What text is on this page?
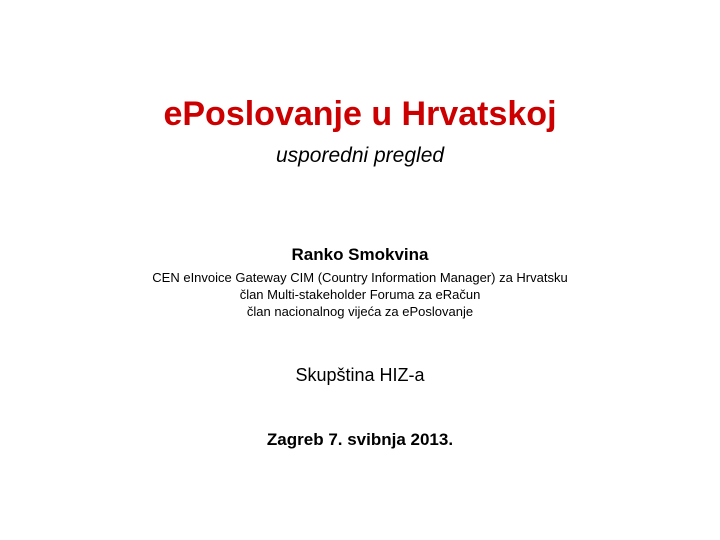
ePoslovanje u Hrvatskoj

usporedni pregled

Ranko Smokvina

CEN eInvoice Gateway CIM (Country Information Manager) za Hrvatsku
član Multi-stakeholder Foruma za eRačun
član nacionalnog vijeća za ePoslovanje

Skupština HIZ-a

Zagreb 7. svibnja 2013.
